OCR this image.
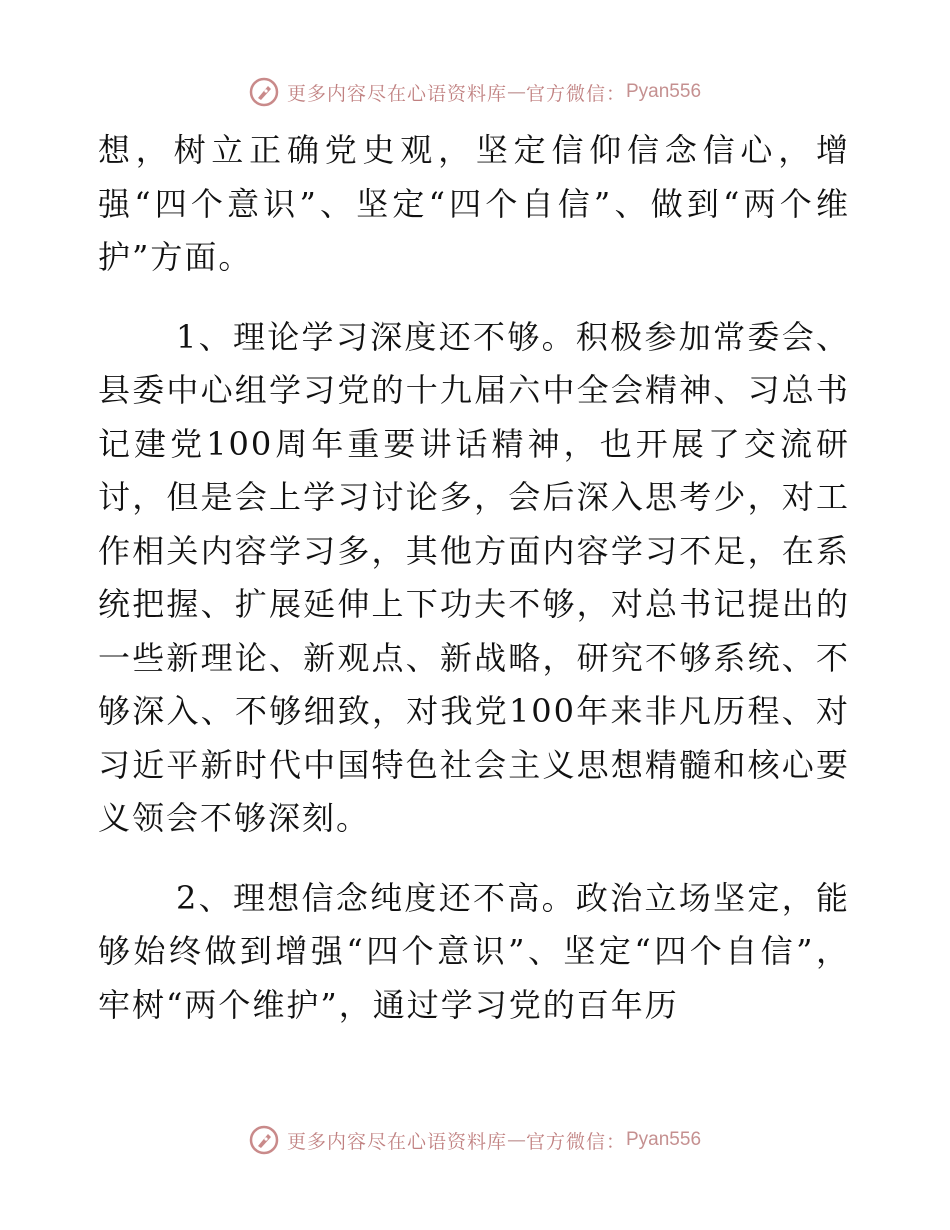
更多内容尽在心语资料库 — 官方微信： Pyan556

想，树立正确党史观，坚定信仰信念信心，增强“四个意识”、坚定“四个自信”、做到“两个维护”方面。

1、理论学习深度还不够。积极参加常委会、县委中心组学习党的十九届六中全会精神、习总书记建党100周年重要讲话精神，也开展了交流研讨，但是会上学习讨论多，会后深入思考少，对工作相关内容学习多，其他方面内容学习不足，在系统把握、扩展延伸上下功夫不够，对总书记提出的一些新理论、新观点、新战略，研究不够系统、不够深入、不够细致，对我党100年来非凡历程、对习近平新时代中国特色社会主义思想精髓和核心要义领会不够深刻。

2、理想信念纯度还不高。政治立场坚定，能够始终做到增强“四个意识”、坚定“四个自信”，牢树“两个维护”，通过学习党的百年历

更多内容尽在心语资料库 — 官方微信： Pyan556
